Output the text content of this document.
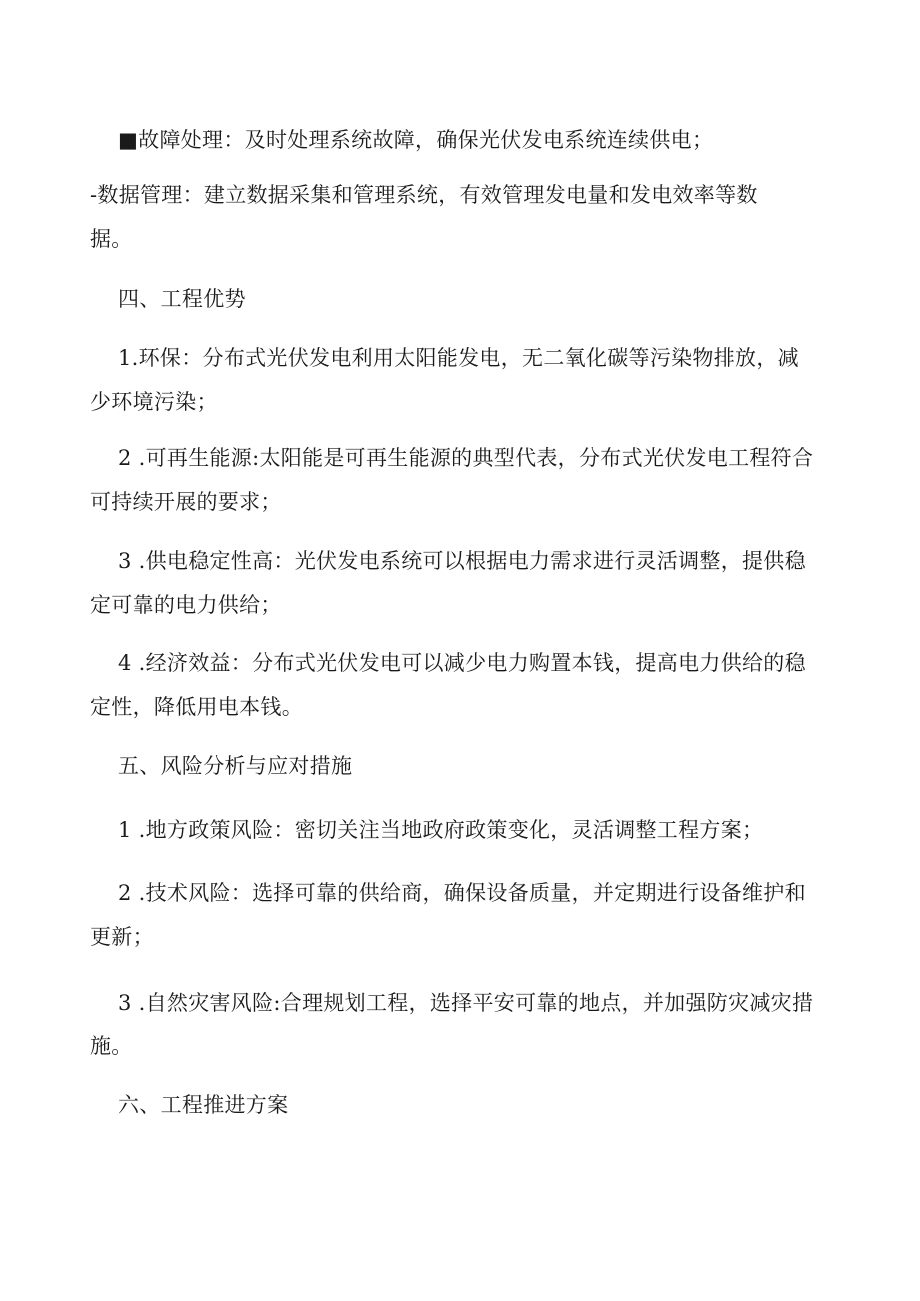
■故障处理：及时处理系统故障，确保光伏发电系统连续供电；
-数据管理：建立数据采集和管理系统，有效管理发电量和发电效率等数
据。
四、工程优势
1.环保：分布式光伏发电利用太阳能发电，无二氧化碳等污染物排放，减
少环境污染；
2 .可再生能源:太阳能是可再生能源的典型代表，分布式光伏发电工程符合
可持续开展的要求；
3 .供电稳定性高：光伏发电系统可以根据电力需求进行灵活调整，提供稳
定可靠的电力供给；
4 .经济效益：分布式光伏发电可以减少电力购置本钱，提高电力供给的稳
定性，降低用电本钱。
五、风险分析与应对措施
1 .地方政策风险：密切关注当地政府政策变化，灵活调整工程方案；
2 .技术风险：选择可靠的供给商，确保设备质量，并定期进行设备维护和
更新；
3 .自然灾害风险:合理规划工程，选择平安可靠的地点，并加强防灾减灾措
施。
六、工程推进方案
